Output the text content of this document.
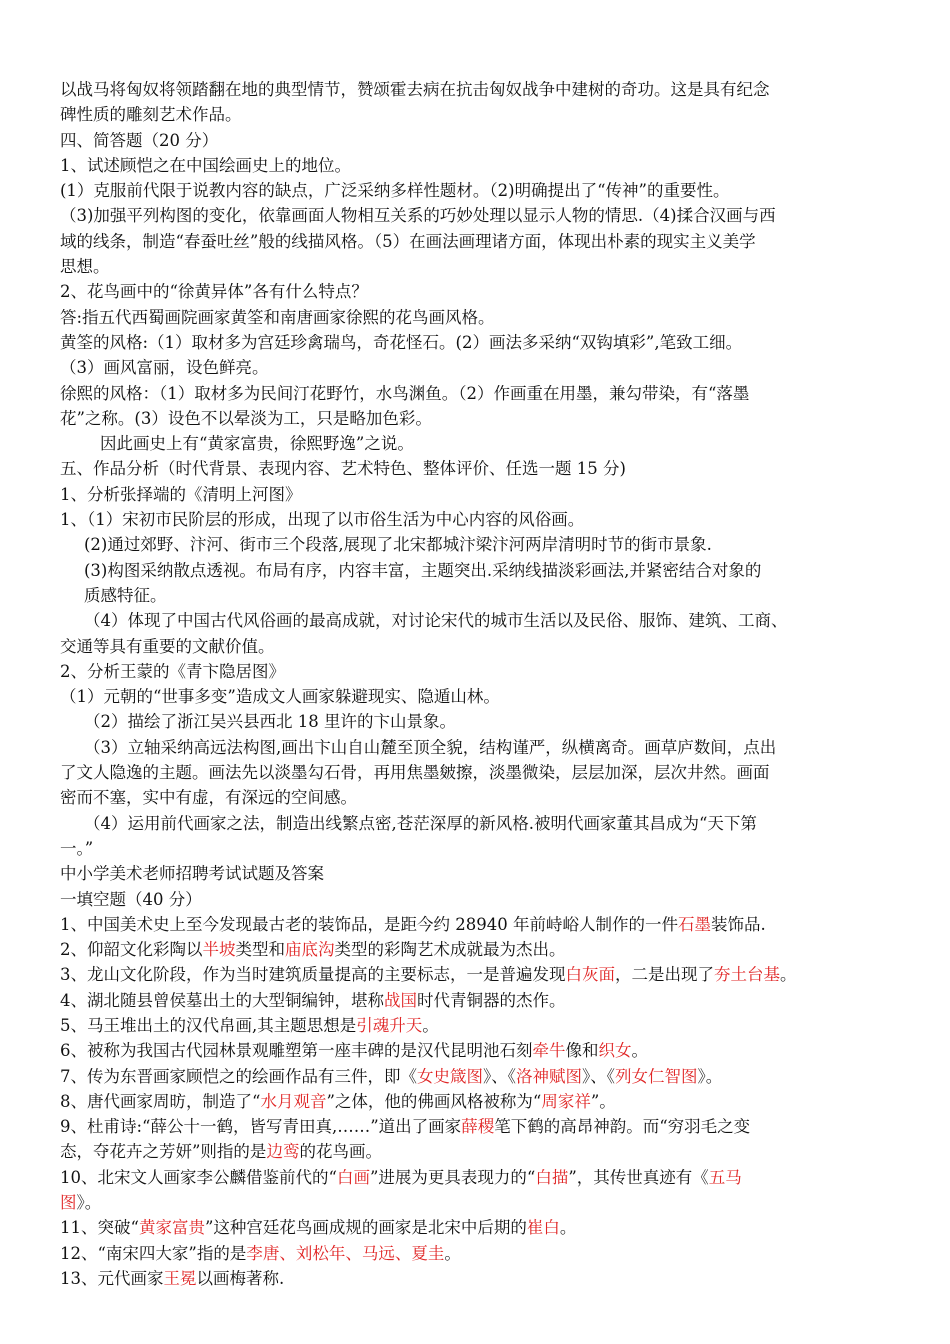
以战马将匈奴将领踏翻在地的典型情节，赞颂霍去病在抗击匈奴战争中建树的奇功。这是具有纪念
碑性质的雕刻艺术作品。
四、简答题（20 分）
1、试述顾恺之在中国绘画史上的地位。
(1）克服前代限于说教内容的缺点，广泛采纳多样性题材。（2)明确提出了“传神”的重要性。
（3)加强平列构图的变化，依靠画面人物相互关系的巧妙处理以显示人物的情思.（4)揉合汉画与西
域的线条，制造“春蚕吐丝”般的线描风格。（5）在画法画理诸方面，体现出朴素的现实主义美学
思想。
2、花鸟画中的“徐黄异体”各有什么特点？
答:指五代西蜀画院画家黄筌和南唐画家徐熙的花鸟画风格。
黄筌的风格:（1）取材多为宫廷珍禽瑞鸟，奇花怪石。(2）画法多采纳“双钩填彩”,笔致工细。
（3）画风富丽，设色鲜亮。
徐熙的风格：（1）取材多为民间汀花野竹，水鸟渊鱼。（2）作画重在用墨，兼勾带染，有“落墨
花”之称。(3）设色不以晕淡为工，只是略加色彩。
因此画史上有“黄家富贵，徐熙野逸”之说。
五、作品分析（时代背景、表现内容、艺术特色、整体评价、任选一题 15 分)
1、分析张择端的《清明上河图》
1、（1）宋初市民阶层的形成，出现了以市俗生活为中心内容的风俗画。
(2)通过郊野、汴河、街市三个段落,展现了北宋都城汴梁汴河两岸清明时节的街市景象.
(3)构图采纳散点透视。布局有序，内容丰富，主题突出.采纳线描淡彩画法,并紧密结合对象的
质感特征。
（4）体现了中国古代风俗画的最高成就，对讨论宋代的城市生活以及民俗、服饰、建筑、工商、
交通等具有重要的文献价值。
2、分析王蒙的《青卞隐居图》
（1）元朝的“世事多变”造成文人画家躲避现实、隐遁山林。
（2）描绘了浙江吴兴县西北 18 里许的卞山景象。
（3）立轴采纳高远法构图,画出卞山自山麓至顶全貌，结构谨严，纵横离奇。画草庐数间，点出
了文人隐逸的主题。画法先以淡墨勾石骨，再用焦墨皴擦，淡墨微染，层层加深，层次井然。画面
密而不塞，实中有虚，有深远的空间感。
（4）运用前代画家之法，制造出线繁点密,苍茫深厚的新风格.被明代画家董其昌成为“天下第
一。”
中小学美术老师招聘考试试题及答案
一填空题（40 分）
1、中国美术史上至今发现最古老的装饰品，是距今约 28940 年前峙峪人制作的一件石墨装饰品.
2、仰韶文化彩陶以半坡类型和庙底沟类型的彩陶艺术成就最为杰出。
3、龙山文化阶段，作为当时建筑质量提高的主要标志，一是普遍发现白灰面，二是出现了夯土台基。
4、湖北随县曾侯墓出土的大型铜编钟，堪称战国时代青铜器的杰作。
5、马王堆出土的汉代帛画,其主题思想是引魂升天。
6、被称为我国古代园林景观雕塑第一座丰碑的是汉代昆明池石刻牵牛像和织女。
7、传为东晋画家顾恺之的绘画作品有三件，即《女史箴图》、《洛神赋图》、《列女仁智图》。
8、唐代画家周昉，制造了“水月观音”之体，他的佛画风格被称为“周家祥”。
9、杜甫诗:“薛公十一鹤，皆写青田真,……”道出了画家薛稷笔下鹤的高昂神韵。而“穷羽毛之变
态，夺花卉之芳妍”则指的是边鸾的花鸟画。
10、北宋文人画家李公麟借鉴前代的“白画”进展为更具表现力的“白描”，其传世真迹有《五马
图》。
11、突破“黄家富贵”这种宫廷花鸟画成规的画家是北宋中后期的崔白。
12、“南宋四大家”指的是李唐、刘松年、马远、夏圭。
13、元代画家王冕以画梅著称.
